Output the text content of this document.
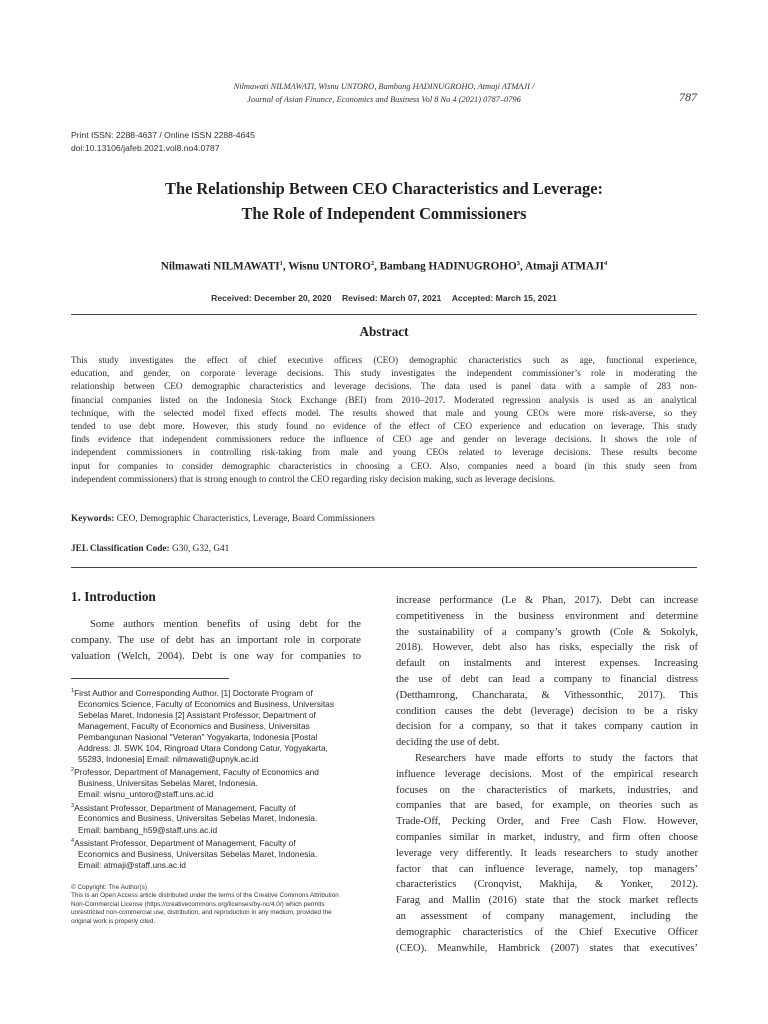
Nilmawati NILMAWATI, Wisnu UNTORO, Bambang HADINUGROHO, Atmaji ATMAJI /
Journal of Asian Finance, Economics and Business Vol 8 No 4 (2021) 0787–0796	787
Print ISSN: 2288-4637 / Online ISSN 2288-4645
doi:10.13106/jafeb.2021.vol8.no4.0787
The Relationship Between CEO Characteristics and Leverage:
The Role of Independent Commissioners
Nilmawati NILMAWATI$^1$, Wisnu UNTORO$^2$, Bambang HADINUGROHO$^3$, Atmaji ATMAJI$^4$
Received: December 20, 2020 Revised: March 07, 2021 Accepted: March 15, 2021
Abstract
This study investigates the effect of chief executive officers (CEO) demographic characteristics such as age, functional experience,
education, and gender, on corporate leverage decisions. This study investigates the independent commissioner’s role in moderating the
relationship between CEO demographic characteristics and leverage decisions. The data used is panel data with a sample of 283 non-
financial companies listed on the Indonesia Stock Exchange (BEI) from 2010–2017. Moderated regression analysis is used as an analytical
technique, with the selected model fixed effects model. The results showed that male and young CEOs were more risk-averse, so they
tended to use debt more. However, this study found no evidence of the effect of CEO experience and education on leverage. This study
finds evidence that independent commissioners reduce the influence of CEO age and gender on leverage decisions. It shows the role of
independent commissioners in controlling risk-taking from male and young CEOs related to leverage decisions. These results become
input for companies to consider demographic characteristics in choosing a CEO. Also, companies need a board (in this study seen from
independent commissioners) that is strong enough to control the CEO regarding risky decision making, such as leverage decisions.
Keywords: CEO, Demographic Characteristics, Leverage, Board Commissioners
JEL Classification Code: G30, G32, G41
1. Introduction
Some authors mention benefits of using debt for the
company. The use of debt has an important role in corporate
valuation (Welch, 2004). Debt is one way for companies to
$^1$First Author and Corresponding Author. [1] Doctorate Program of
Economics Science, Faculty of Economics and Business, Universitas
Sebelas Maret, Indonesia [2] Assistant Professor, Department of
Management, Faculty of Economics and Business, Universitas
Pembangunan Nasional "Veteran" Yogyakarta, Indonesia [Postal
Address: Jl. SWK 104, Ringroad Utara Condong Catur, Yogyakarta,
55283, Indonesia] Email: nilmawati@upnyk.ac.id
$^2$Professor, Department of Management, Faculty of Economics and
Business, Universitas Sebelas Maret, Indonesia.
Email: wisnu_untoro@staff.uns.ac.id
$^3$Assistant Professor, Department of Management, Faculty of
Economics and Business, Universitas Sebelas Maret, Indonesia.
Email: bambang_h59@staff.uns.ac.id
$^4$Assistant Professor, Department of Management, Faculty of
Economics and Business, Universitas Sebelas Maret, Indonesia.
Email: atmaji@staff.uns.ac.id
© Copyright: The Author(s)
This is an Open Access article distributed under the terms of the Creative Commons Attribution
Non-Commercial License (https://creativecommons.org/licenses/by-nc/4.0/) which permits
unrestricted non-commercial use, distribution, and reproduction in any medium, provided the
original work is properly cited.
increase performance (Le & Phan, 2017). Debt can increase
competitiveness in the business environment and determine
the sustainability of a company’s growth (Cole & Sokolyk,
2018). However, debt also has risks, especially the risk of
default on instalments and interest expenses. Increasing
the use of debt can lead a company to financial distress
(Detthamrong, Chancharata, & Vithessonthic, 2017). This
condition causes the debt (leverage) decision to be a risky
decision for a company, so that it takes company caution in
deciding the use of debt.
Researchers have made efforts to study the factors that
influence leverage decisions. Most of the empirical research
focuses on the characteristics of markets, industries, and
companies that are based, for example, on theories such as
Trade-Off, Pecking Order, and Free Cash Flow. However,
companies similar in market, industry, and firm often choose
leverage very differently. It leads researchers to study another
factor that can influence leverage, namely, top managers’
characteristics (Cronqvist, Makhija, & Yonker, 2012).
Farag and Mallin (2016) state that the stock market reflects
an assessment of company management, including the
demographic characteristics of the Chief Executive Officer
(CEO). Meanwhile, Hambrick (2007) states that executives’
